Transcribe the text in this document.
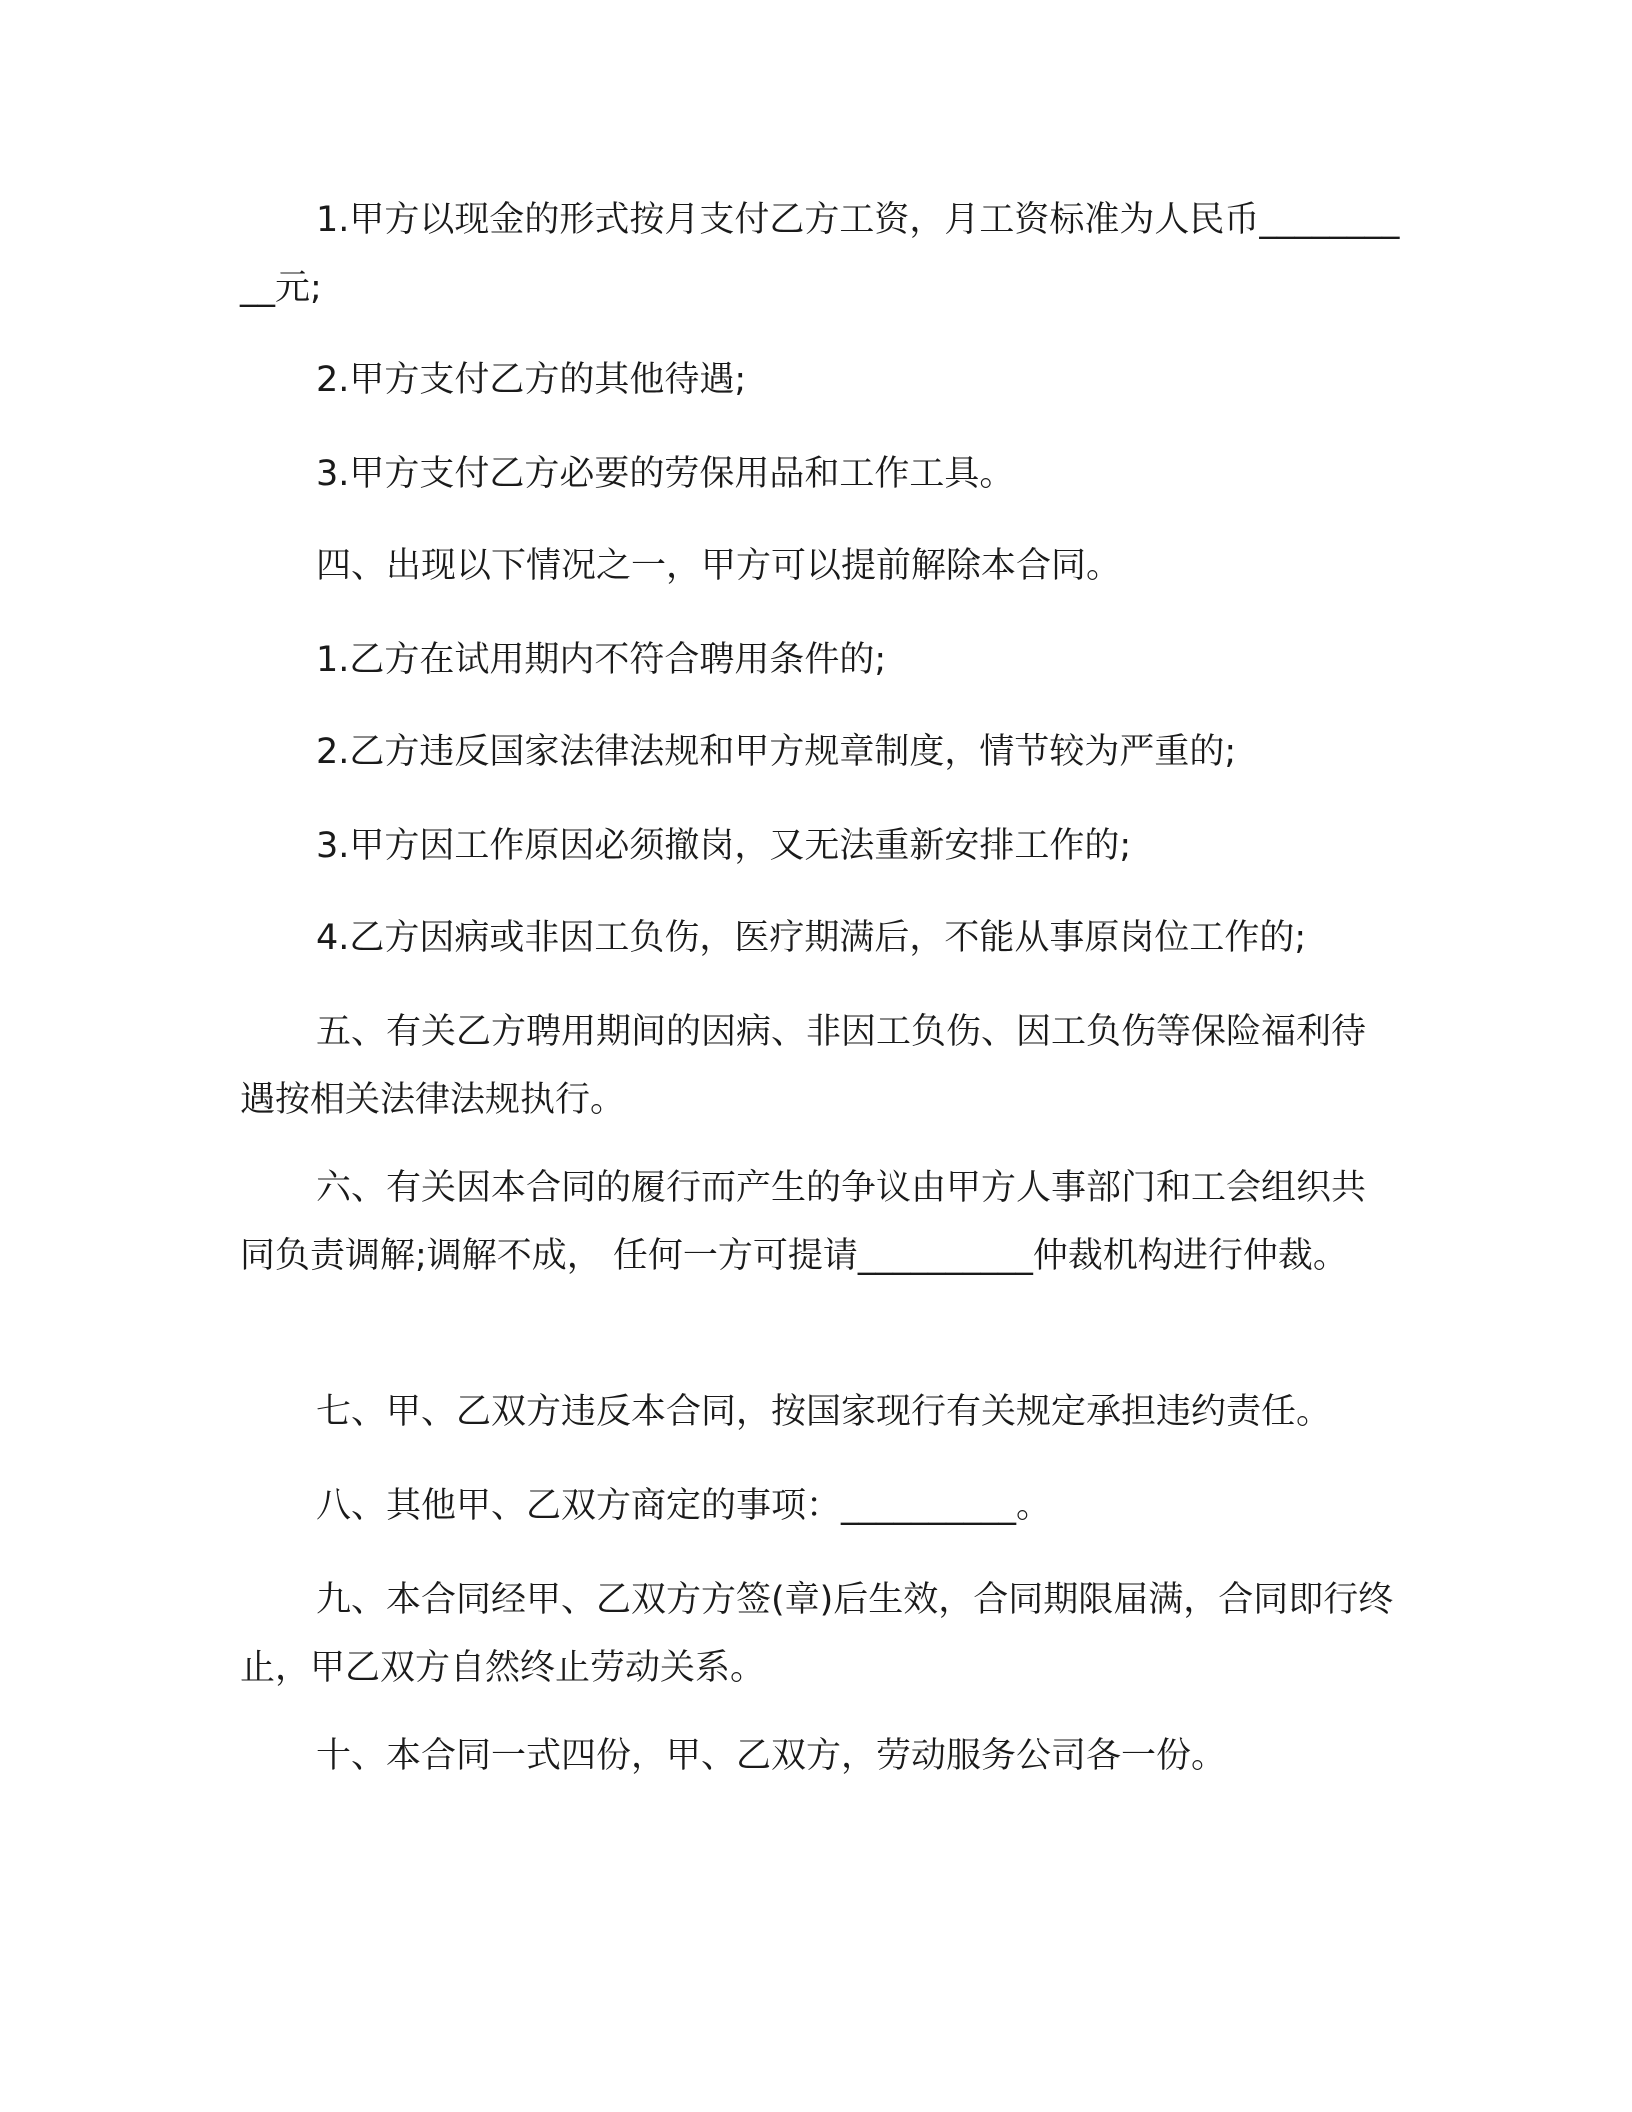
1.甲方以现金的形式按月支付乙方工资，月工资标准为人民币__________元;

2.甲方支付乙方的其他待遇;

3.甲方支付乙方必要的劳保用品和工作工具。

四、出现以下情况之一，甲方可以提前解除本合同。

1.乙方在试用期内不符合聘用条件的;

2.乙方违反国家法律法规和甲方规章制度，情节较为严重的;

3.甲方因工作原因必须撤岗，又无法重新安排工作的;

4.乙方因病或非因工负伤，医疗期满后，不能从事原岗位工作的;

五、有关乙方聘用期间的因病、非因工负伤、因工负伤等保险福利待遇按相关法律法规执行。

六、有关因本合同的履行而产生的争议由甲方人事部门和工会组织共同负责调解;调解不成， 任何一方可提请__________仲裁机构进行仲裁。

七、甲、乙双方违反本合同，按国家现行有关规定承担违约责任。

八、其他甲、乙双方商定的事项：__________。

九、本合同经甲、乙双方方签(章)后生效，合同期限届满，合同即行终止，甲乙双方自然终止劳动关系。

十、本合同一式四份，甲、乙双方，劳动服务公司各一份。
